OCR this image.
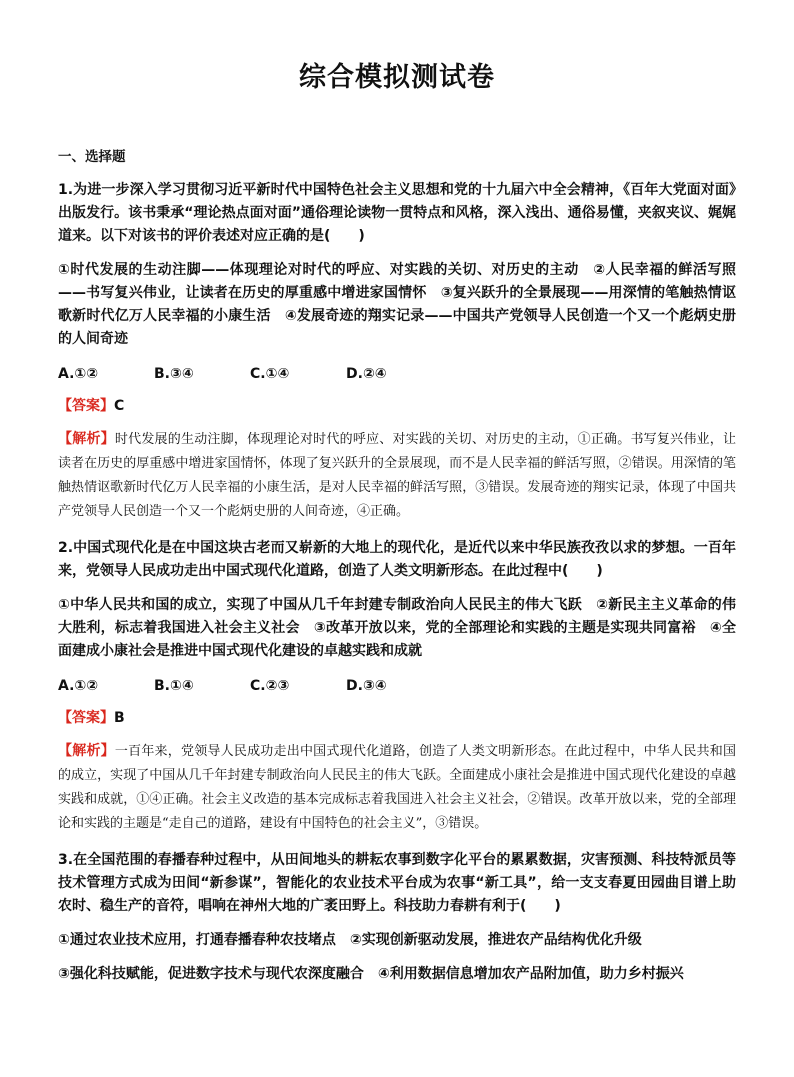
综合模拟测试卷
一、选择题
1.为进一步深入学习贯彻习近平新时代中国特色社会主义思想和党的十九届六中全会精神，《百年大党面对面》出版发行。该书秉承“理论热点面对面”通俗理论读物一贯特点和风格，深入浅出、通俗易懂，夹叙夹议、娓娓道来。以下对该书的评价表述对应正确的是(　　)
①时代发展的生动注脚——体现理论对时代的呼应、对实践的关切、对历史的主动　②人民幸福的鲜活写照——书写复兴伟业，让读者在历史的厚重感中增进家国情怀　③复兴跃升的全景展现——用深情的笔触热情讴歌新时代亿万人民幸福的小康生活　④发展奇迹的翔实记录——中国共产党领导人民创造一个又一个彪炳史册的人间奇迹
A.①②	B.③④	C.①④	D.②④
【答案】C
【解析】时代发展的生动注脚，体现理论对时代的呼应、对实践的关切、对历史的主动，①正确。书写复兴伟业，让读者在历史的厚重感中增进家国情怀，体现了复兴跃升的全景展现，而不是人民幸福的鲜活写照，②错误。用深情的笔触热情讴歌新时代亿万人民幸福的小康生活，是对人民幸福的鲜活写照，③错误。发展奇迹的翔实记录，体现了中国共产党领导人民创造一个又一个彪炳史册的人间奇迹，④正确。
2.中国式现代化是在中国这块古老而又崭新的大地上的现代化，是近代以来中华民族孜孜以求的梦想。一百年来，党领导人民成功走出中国式现代化道路，创造了人类文明新形态。在此过程中(　　)
①中华人民共和国的成立，实现了中国从几千年封建专制政治向人民民主的伟大飞跃　②新民主主义革命的伟大胜利，标志着我国进入社会主义社会　③改革开放以来，党的全部理论和实践的主题是实现共同富裕　④全面建成小康社会是推进中国式现代化建设的卓越实践和成就
A.①②	B.①④	C.②③	D.③④
【答案】B
【解析】一百年来，党领导人民成功走出中国式现代化道路，创造了人类文明新形态。在此过程中，中华人民共和国的成立，实现了中国从几千年封建专制政治向人民民主的伟大飞跃。全面建成小康社会是推进中国式现代化建设的卓越实践和成就，①④正确。社会主义改造的基本完成标志着我国进入社会主义社会，②错误。改革开放以来，党的全部理论和实践的主题是“走自己的道路，建设有中国特色的社会主义”，③错误。
3.在全国范围的春播春种过程中，从田间地头的耕耘农事到数字化平台的累累数据，灾害预测、科技特派员等技术管理方式成为田间“新参谋”，智能化的农业技术平台成为农事“新工具”，给一支支春夏田园曲目谱上助农时、稳生产的音符，唱响在神州大地的广袤田野上。科技助力春耕有利于(　　)
①通过农业技术应用，打通春播春种农技堵点　②实现创新驱动发展，推进农产品结构优化升级
③强化科技赋能，促进数字技术与现代农深度融合　④利用数据信息增加农产品附加值，助力乡村振兴
